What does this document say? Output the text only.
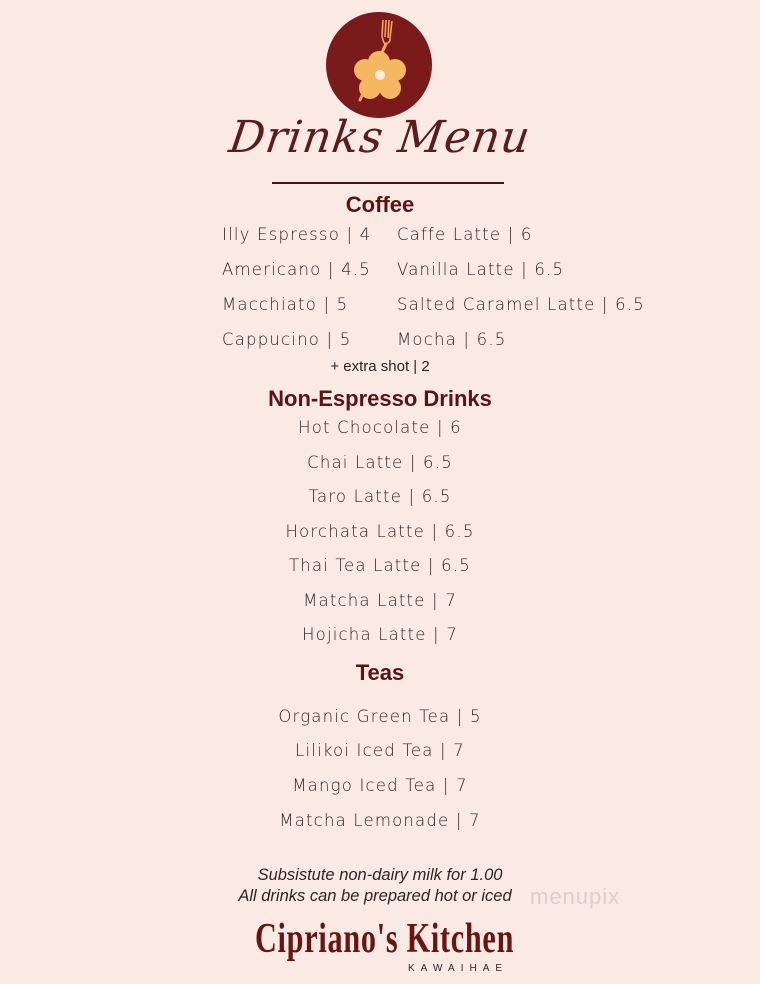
Drinks Menu
Coffee
Illy Espresso | 4
Americano | 4.5
Macchiato | 5
Cappucino | 5
Caffe Latte | 6
Vanilla Latte | 6.5
Salted Caramel Latte | 6.5
Mocha | 6.5
+ extra shot | 2
Non-Espresso Drinks
Hot Chocolate | 6
Chai Latte | 6.5
Taro Latte | 6.5
Horchata Latte | 6.5
Thai Tea Latte | 6.5
Matcha Latte | 7
Hojicha Latte | 7
Teas
Organic Green Tea | 5
Lilikoi Iced Tea | 7
Mango Iced Tea | 7
Matcha Lemonade | 7
Subsistute non-dairy milk for 1.00
All drinks can be prepared hot or iced menupix
Cipriano's Kitchen
KAWAIHAE
